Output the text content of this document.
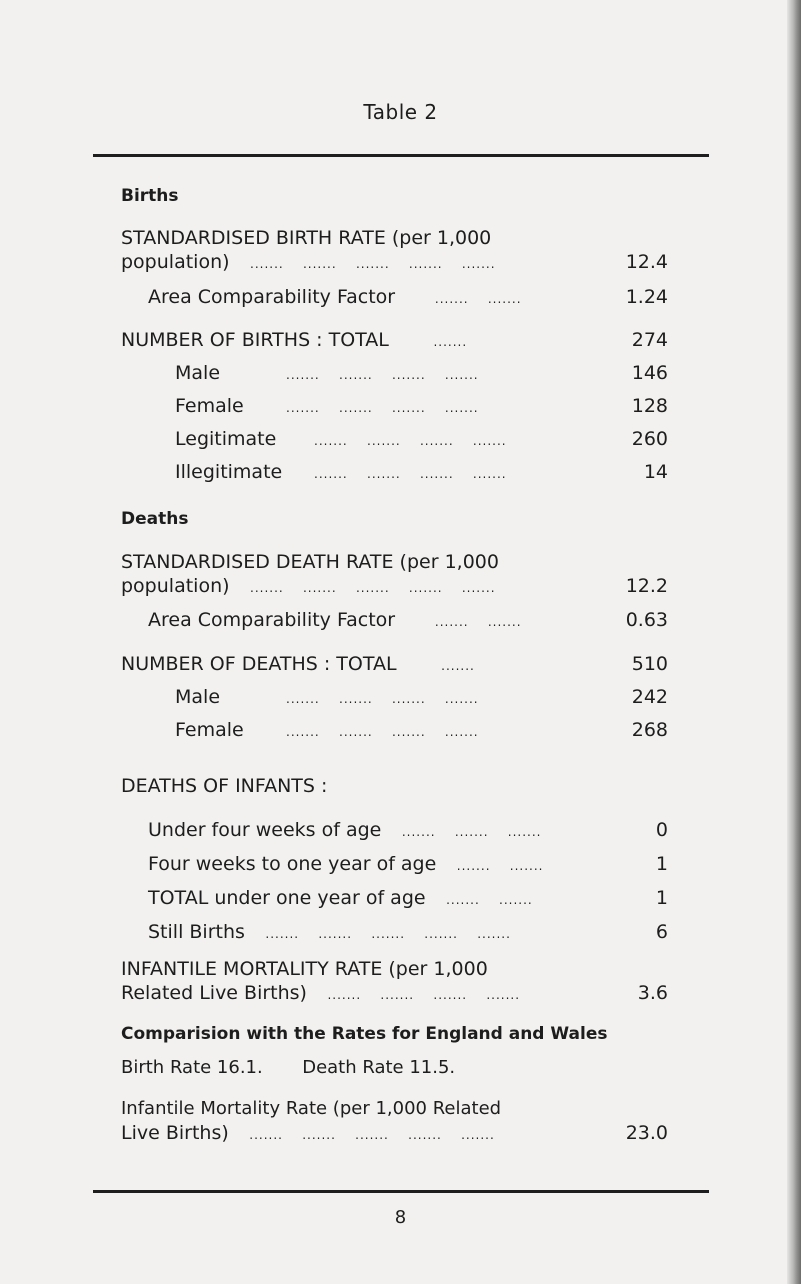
Table 2
Births
STANDARDISED BIRTH RATE (per 1,000
population)    .......    .......    .......    .......    .......	12.4
Area Comparability Factor        .......    .......	1.24
NUMBER OF BIRTHS : TOTAL         .......	274
Male	.......    .......    .......    .......	146
Female	.......    .......    .......    .......	128
Legitimate	.......    .......    .......    .......	260
Illegitimate	.......    .......    .......    .......	14
Deaths
STANDARDISED DEATH RATE (per 1,000
population)    .......    .......    .......    .......    .......	12.2
Area Comparability Factor        .......    .......	0.63
NUMBER OF DEATHS : TOTAL         .......	510
Male	.......    .......    .......    .......	242
Female	.......    .......    .......    .......	268
DEATHS OF INFANTS :
Under four weeks of age    .......    .......    .......	0
Four weeks to one year of age    .......    .......	1
TOTAL under one year of age    .......    .......	1
Still Births    .......    .......    .......    .......    .......	6
INFANTILE MORTALITY RATE (per 1,000
Related Live Births)    .......    .......    .......    .......	3.6
Comparision with the Rates for England and Wales
Birth Rate 16.1. Death Rate 11.5.
Infantile Mortality Rate (per 1,000 Related
Live Births)    .......    .......    .......    .......    .......	23.0
8
